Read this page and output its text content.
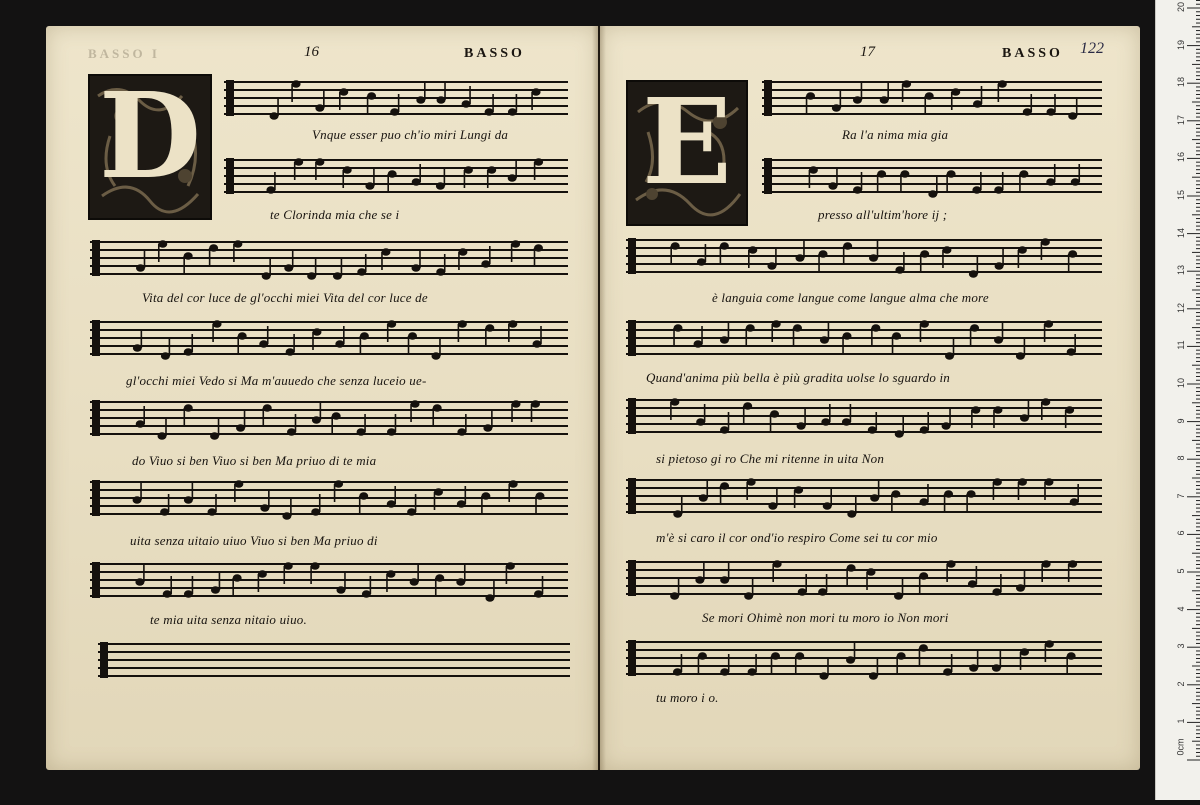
BASSO I	16	BASSO	17	BASSO 122
D	E
Vnque esser puo ch'io miri Lungi da
te Clorinda mia che se i
Vita del cor luce de gl'occhi miei Vita del cor luce de
gl'occhi miei Vedo si Ma m'auuedo che senza luceio ue-
do Viuo si ben Viuo si ben Ma priuo di te mia
uita senza uitaio uiuo Viuo si ben Ma priuo di
te mia uita senza nitaio uiuo.
Ra l'a nima mia gia
presso all'ultim'hore ij ;
è languia come langue come langue alma che more
Quand'anima più bella è più gradita uolse lo sguardo in
si pietoso gi ro Che mi ritenne in uita Non
m'è si caro il cor ond'io respiro Come sei tu cor mio
Se mori Ohimè non mori tu moro io Non mori
tu moro i o.
0cm
1
2
3
4
5
6
7
8
9
10
11
12
13
14
15
16
17
18
19
20
